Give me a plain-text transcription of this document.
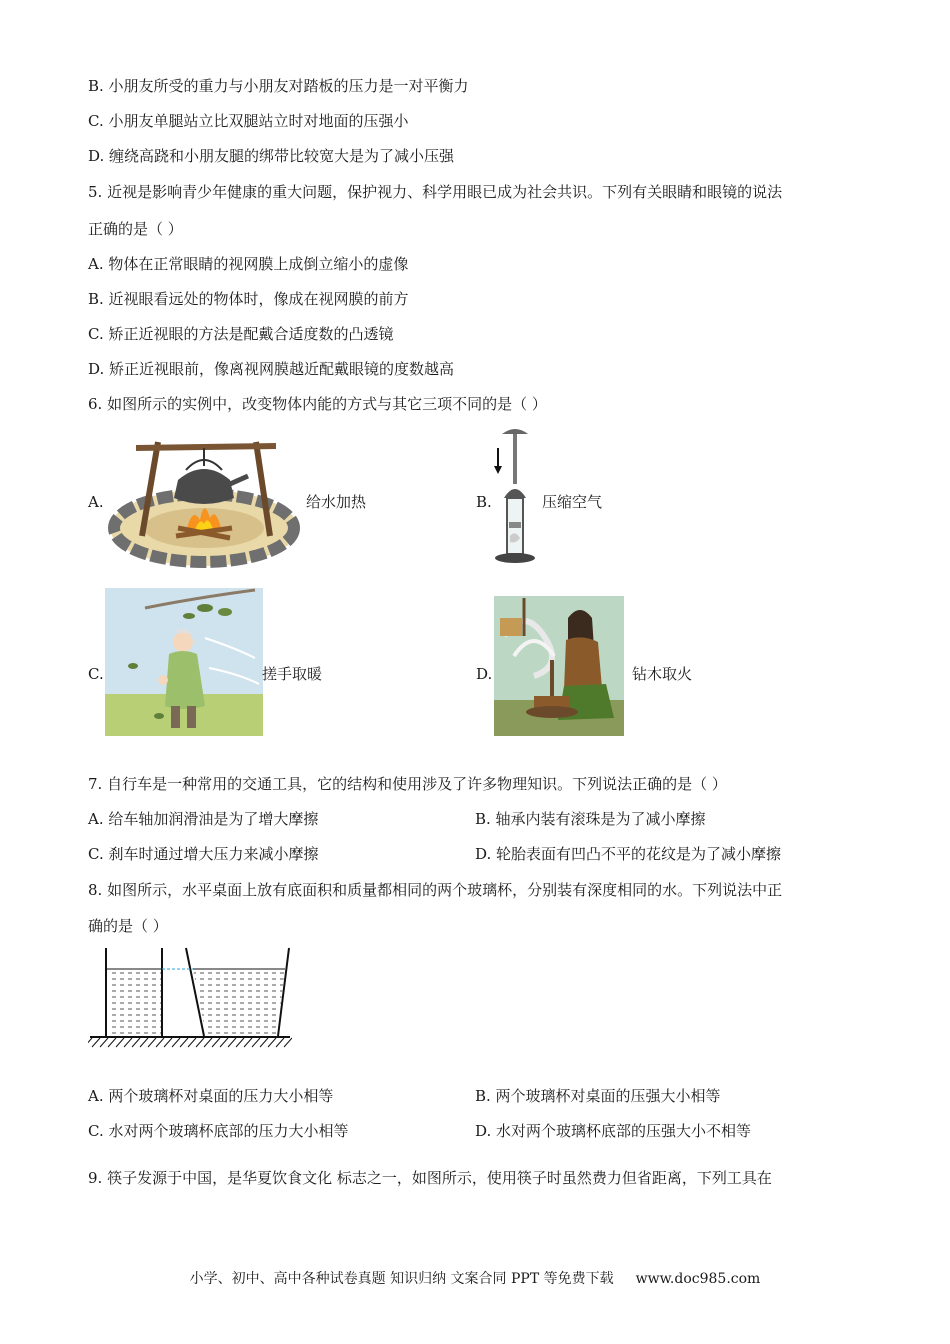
B. 小朋友所受的重力与小朋友对踏板的压力是一对平衡力
C. 小朋友单腿站立比双腿站立时对地面的压强小
D. 缠绕高跷和小朋友腿的绑带比较宽大是为了减小压强
5. 近视是影响青少年健康的重大问题，保护视力、科学用眼已成为社会共识。下列有关眼睛和眼镜的说法
正确的是（ ）
A. 物体在正常眼睛的视网膜上成倒立缩小的虚像
B. 近视眼看远处的物体时，像成在视网膜的前方
C. 矫正近视眼的方法是配戴合适度数的凸透镜
D. 矫正近视眼前，像离视网膜越近配戴眼镜的度数越高
6. 如图所示的实例中，改变物体内能的方式与其它三项不同的是（ ）
A.	给水加热	B.	压缩空气
C.	搓手取暖	D.	钻木取火
7. 自行车是一种常用的交通工具，它的结构和使用涉及了许多物理知识。下列说法正确的是（ ）
A. 给车轴加润滑油是为了增大摩擦	B. 轴承内装有滚珠是为了减小摩擦
C. 刹车时通过增大压力来减小摩擦	D. 轮胎表面有凹凸不平的花纹是为了减小摩擦
8. 如图所示，水平桌面上放有底面积和质量都相同的两个玻璃杯，分别装有深度相同的水。下列说法中正
确的是（ ）
A. 两个玻璃杯对桌面的压力大小相等	B. 两个玻璃杯对桌面的压强大小相等
C. 水对两个玻璃杯底部的压力大小相等	D. 水对两个玻璃杯底部的压强大小不相等
9. 筷子发源于中国，是华夏饮食文化 标志之一，如图所示，使用筷子时虽然费力但省距离，下列工具在
小学、初中、高中各种试卷真题 知识归纳 文案合同 PPT 等免费下载 www.doc985.com
